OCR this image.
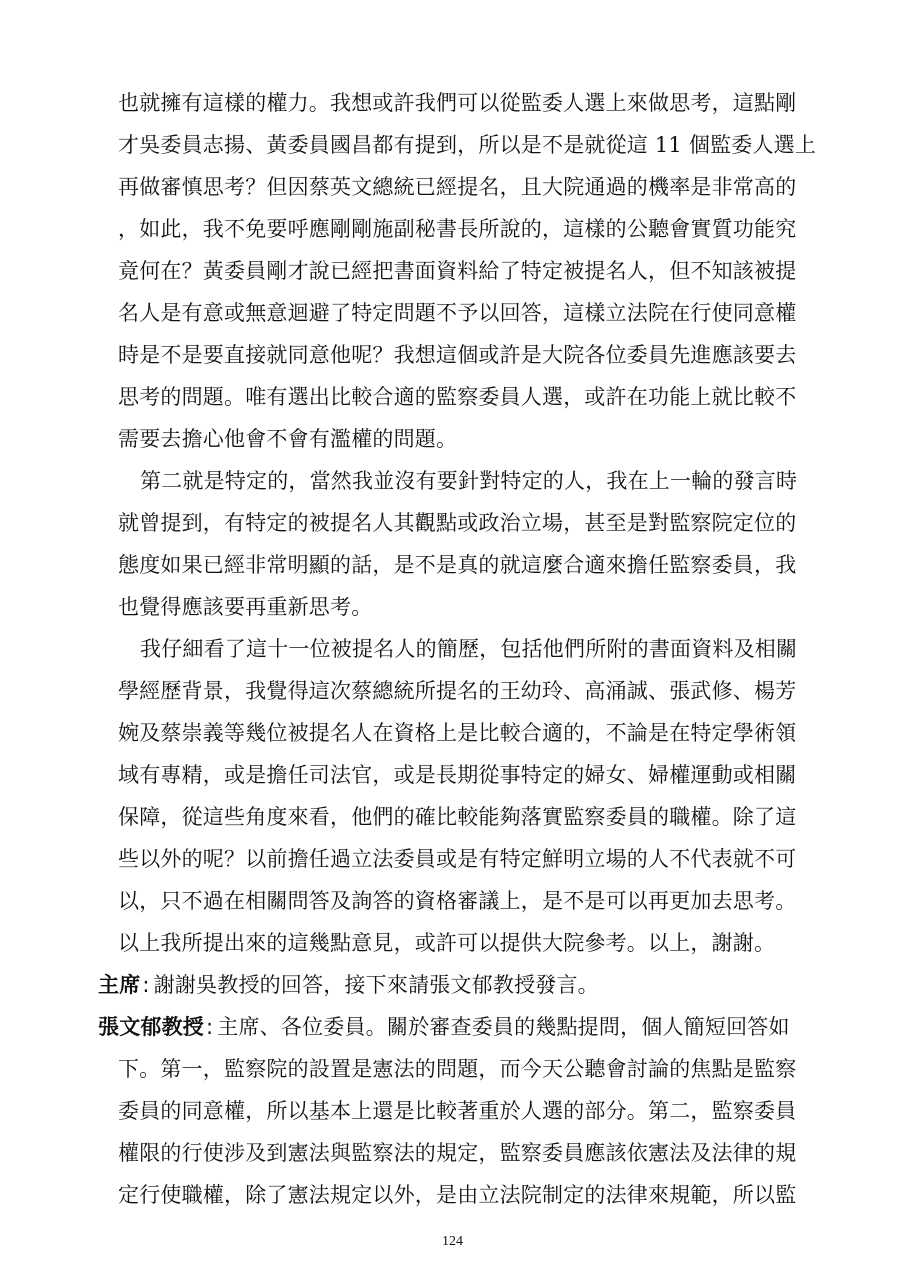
也就擁有這樣的權力。我想或許我們可以從監委人選上來做思考，這點剛
才吳委員志揚、黃委員國昌都有提到，所以是不是就從這 11 個監委人選上
再做審慎思考？但因蔡英文總統已經提名，且大院通過的機率是非常高的
，如此，我不免要呼應剛剛施副秘書長所說的，這樣的公聽會實質功能究
竟何在？黃委員剛才說已經把書面資料給了特定被提名人，但不知該被提
名人是有意或無意迴避了特定問題不予以回答，這樣立法院在行使同意權
時是不是要直接就同意他呢？我想這個或許是大院各位委員先進應該要去
思考的問題。唯有選出比較合適的監察委員人選，或許在功能上就比較不
需要去擔心他會不會有濫權的問題。
第二就是特定的，當然我並沒有要針對特定的人，我在上一輪的發言時
就曾提到，有特定的被提名人其觀點或政治立場，甚至是對監察院定位的
態度如果已經非常明顯的話，是不是真的就這麼合適來擔任監察委員，我
也覺得應該要再重新思考。
我仔細看了這十一位被提名人的簡歷，包括他們所附的書面資料及相關
學經歷背景，我覺得這次蔡總統所提名的王幼玲、高涌誠、張武修、楊芳
婉及蔡崇義等幾位被提名人在資格上是比較合適的，不論是在特定學術領
域有專精，或是擔任司法官，或是長期從事特定的婦女、婦權運動或相關
保障，從這些角度來看，他們的確比較能夠落實監察委員的職權。除了這
些以外的呢？以前擔任過立法委員或是有特定鮮明立場的人不代表就不可
以，只不過在相關問答及詢答的資格審議上，是不是可以再更加去思考。
以上我所提出來的這幾點意見，或許可以提供大院參考。以上，謝謝。
主席: 謝謝吳教授的回答，接下來請張文郁教授發言。
張文郁教授: 主席、各位委員。關於審查委員的幾點提問，個人簡短回答如
下。第一，監察院的設置是憲法的問題，而今天公聽會討論的焦點是監察
委員的同意權，所以基本上還是比較著重於人選的部分。第二，監察委員
權限的行使涉及到憲法與監察法的規定，監察委員應該依憲法及法律的規
定行使職權，除了憲法規定以外，是由立法院制定的法律來規範，所以監
124
